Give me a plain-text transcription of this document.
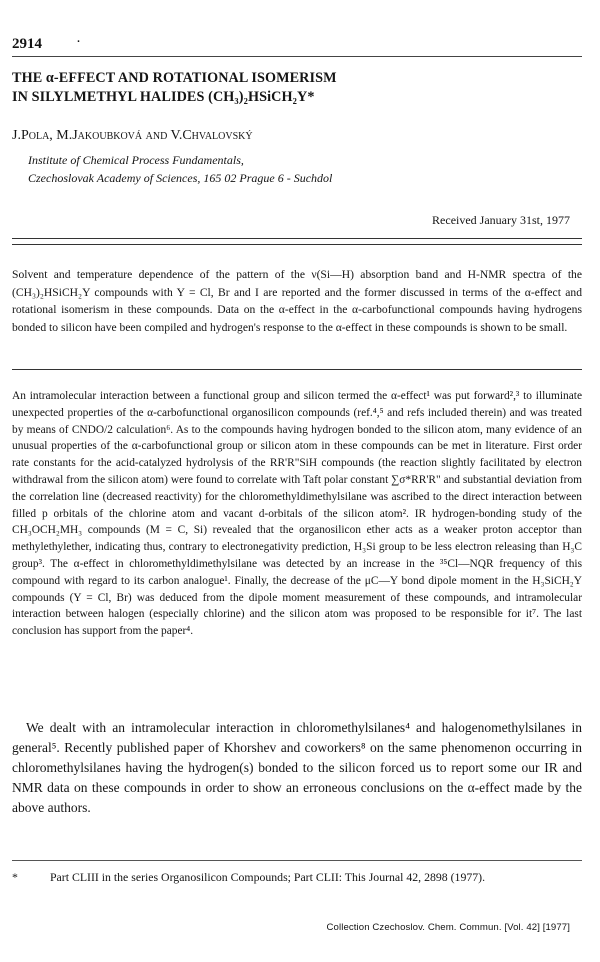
2914 ·
THE α-EFFECT AND ROTATIONAL ISOMERISM
IN SILYLMETHYL HALIDES (CH₃)₂HSiCH₂Y*
J.Pola, M.Jakoubková and V.Chvalovský
Institute of Chemical Process Fundamentals,
Czechoslovak Academy of Sciences, 165 02 Prague 6 - Suchdol
Received January 31st, 1977
Solvent and temperature dependence of the pattern of the ν(Si—H) absorption band and H-NMR spectra of the (CH₃)₂HSiCH₂Y compounds with Y = Cl, Br and I are reported and the former discussed in terms of the α-effect and rotational isomerism in these compounds. Data on the α-effect in the α-carbofunctional compounds having hydrogens bonded to silicon have been compiled and hydrogen's response to the α-effect in these compounds is shown to be small.
An intramolecular interaction between a functional group and silicon termed the α-effect¹ was put forward²,³ to illuminate unexpected properties of the α-carbofunctional organosilicon compounds (ref.⁴,⁵ and refs included therein) and was treated by means of CNDO/2 calculation⁶. As to the compounds having hydrogen bonded to the silicon atom, many evidence of an unusual properties of the α-carbofunctional group or silicon atom in these compounds can be met in literature. First order rate constants for the acid-catalyzed hydrolysis of the RR'R"SiH compounds (the reaction slightly facilitated by electron withdrawal from the silicon atom) were found to correlate with Taft polar constant ∑σ*RR'R" and substantial deviation from the correlation line (decreased reactivity) for the chloromethyldimethylsilane was ascribed to the direct interaction between filled p orbitals of the chlorine atom and vacant d-orbitals of the silicon atom². IR hydrogen-bonding study of the CH₃OCH₂MH₃ compounds (M = C, Si) revealed that the organosilicon ether acts as a weaker proton acceptor than methylethylether, indicating thus, contrary to electronegativity prediction, H₃Si group to be less electron releasing than H₃C group³. The α-effect in chloromethyldimethylsilane was detected by an increase in the ³⁵Cl—NQR frequency of this compound with regard to its carbon analogue¹. Finally, the decrease of the μC—Y bond dipole moment in the H₃SiCH₂Y compounds (Y = Cl, Br) was deduced from the dipole moment measurement of these compounds, and intramolecular interaction between halogen (especially chlorine) and the silicon atom was proposed to be responsible for it⁷. The last conclusion has support from the paper⁴.
We dealt with an intramolecular interaction in chloromethylsilanes⁴ and halogenomethylsilanes in general⁵. Recently published paper of Khorshev and coworkers⁸ on the same phenomenon occurring in chloromethylsilanes having the hydrogen(s) bonded to the silicon forced us to report some our IR and NMR data on these compounds in order to show an erroneous conclusions on the α-effect made by the above authors.
*	Part CLIII in the series Organosilicon Compounds; Part CLII: This Journal 42, 2898 (1977).
Collection Czechoslov. Chem. Commun. [Vol. 42] [1977]
